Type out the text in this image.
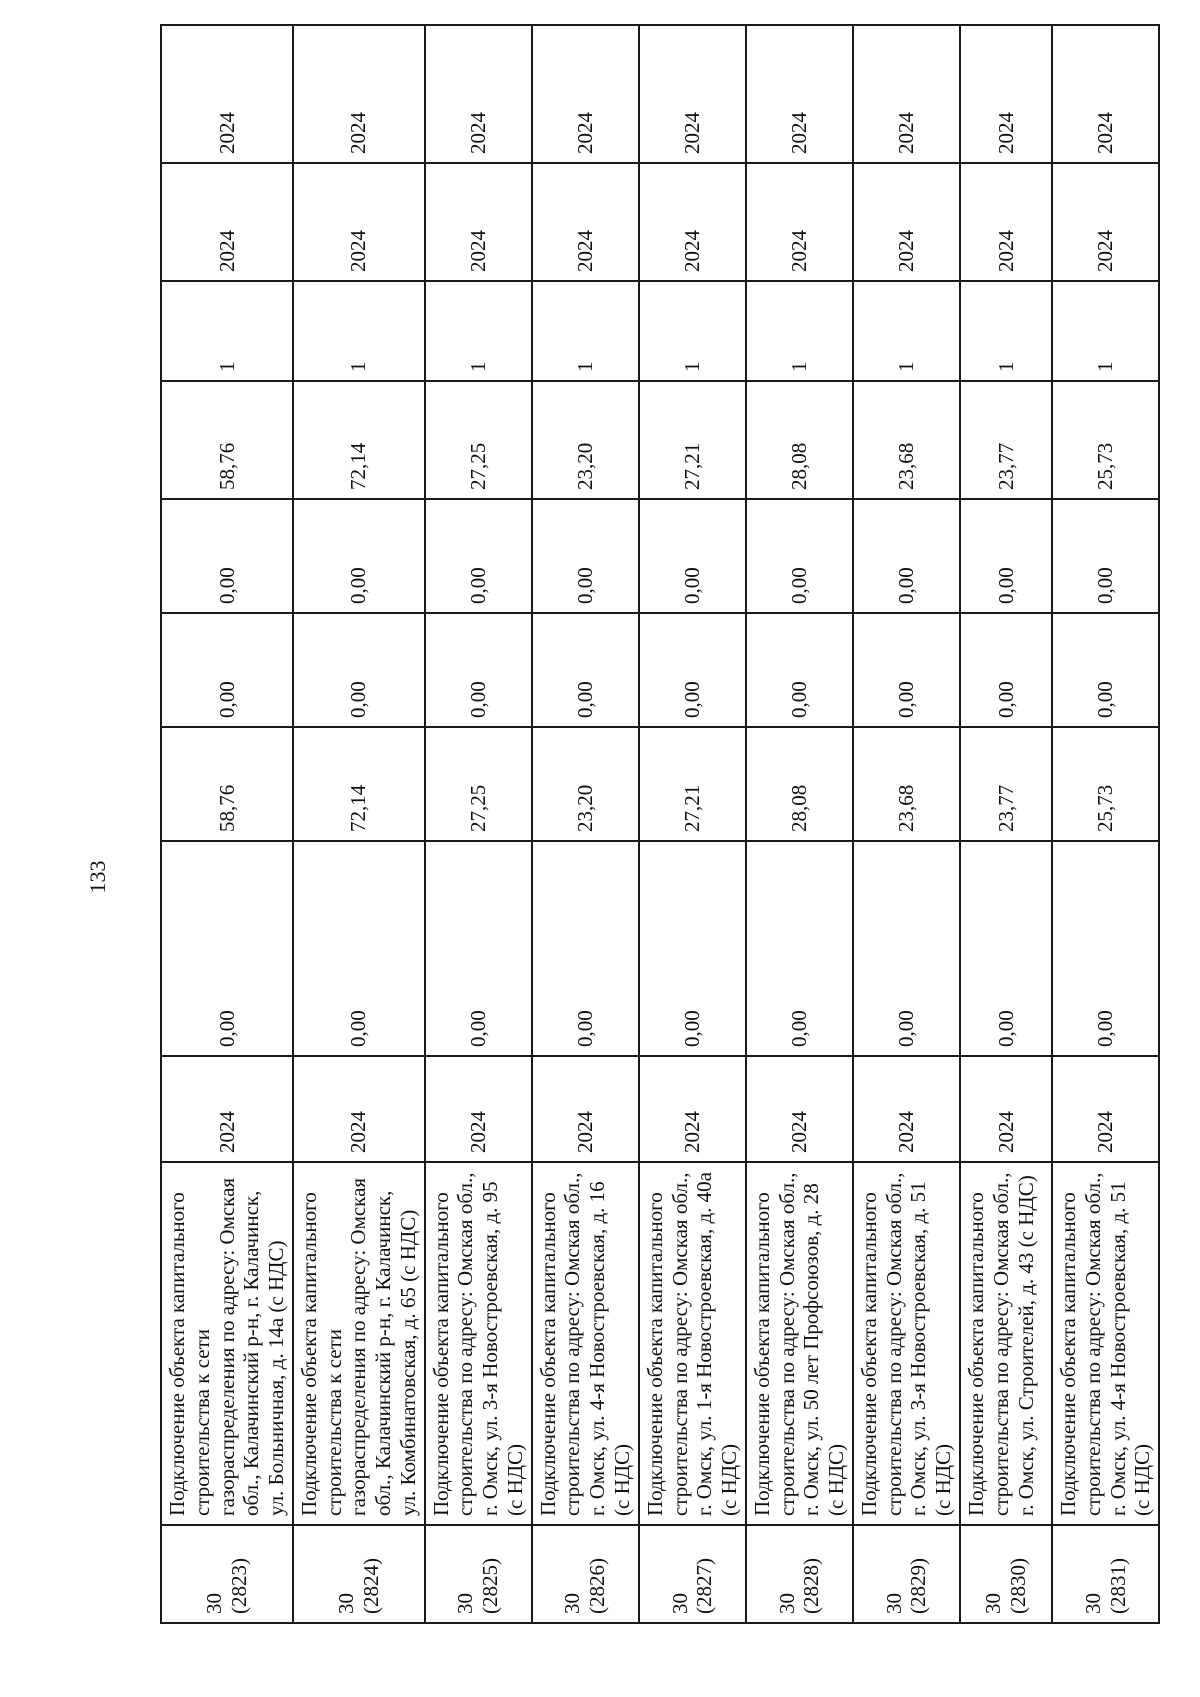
133
30 (2823)	Подключение объекта капитального строительства к сети газораспределения по адресу: Омская обл., Калачинский р-н, г. Калачинск, ул. Больничная, д. 14а (с НДС)	2024	0,00	58,76	0,00	0,00	58,76	1	2024	2024

30 (2824)	Подключение объекта капитального строительства к сети газораспределения по адресу: Омская обл., Калачинский р-н, г. Калачинск, ул. Комбинатовская, д. 65 (с НДС)	2024	0,00	72,14	0,00	0,00	72,14	1	2024	2024

30 (2825)	Подключение объекта капитального строительства по адресу: Омская обл., г. Омск, ул. 3-я Новостроевская, д. 95 (с НДС)	2024	0,00	27,25	0,00	0,00	27,25	1	2024	2024

30 (2826)	Подключение объекта капитального строительства по адресу: Омская обл., г. Омск, ул. 4-я Новостроевская, д. 16 (с НДС)	2024	0,00	23,20	0,00	0,00	23,20	1	2024	2024

30 (2827)	Подключение объекта капитального строительства по адресу: Омская обл., г. Омск, ул. 1-я Новостроевская, д. 40а (с НДС)	2024	0,00	27,21	0,00	0,00	27,21	1	2024	2024

30 (2828)	Подключение объекта капитального строительства по адресу: Омская обл., г. Омск, ул. 50 лет Профсоюзов, д. 28 (с НДС)	2024	0,00	28,08	0,00	0,00	28,08	1	2024	2024

30 (2829)	Подключение объекта капитального строительства по адресу: Омская обл., г. Омск, ул. 3-я Новостроевская, д. 51 (с НДС)	2024	0,00	23,68	0,00	0,00	23,68	1	2024	2024

30 (2830)	Подключение объекта капитального строительства по адресу: Омская обл., г. Омск, ул. Строителей, д. 43 (с НДС)	2024	0,00	23,77	0,00	0,00	23,77	1	2024	2024

30 (2831)	Подключение объекта капитального строительства по адресу: Омская обл., г. Омск, ул. 4-я Новостроевская, д. 51 (с НДС)	2024	0,00	25,73	0,00	0,00	25,73	1	2024	2024
